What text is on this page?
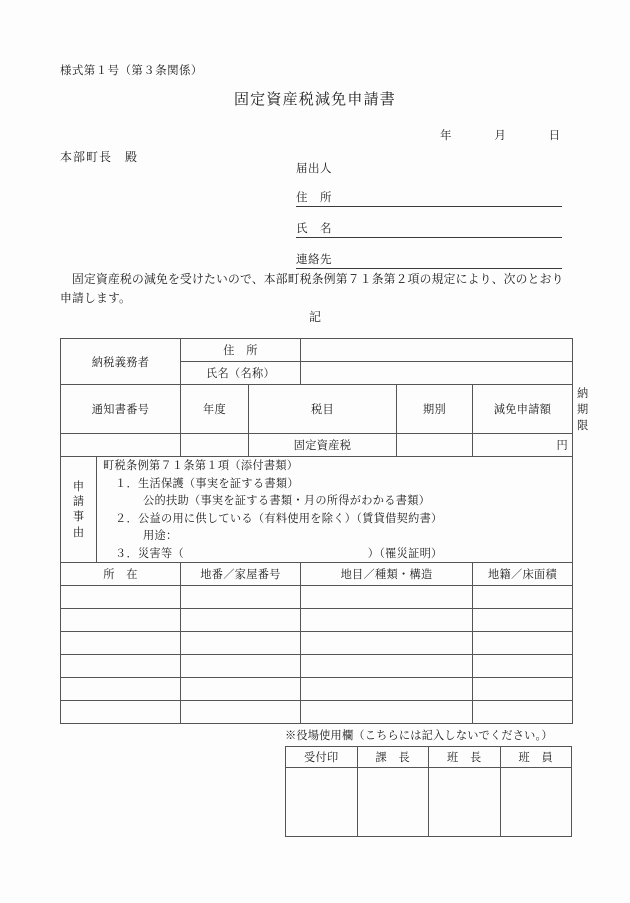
様式第１号（第３条関係）
固定資産税減免申請書
年	月	日
本部町長　殿
届出人
住　所
氏　名
連絡先
固定資産税の減免を受けたいので、本部町税条例第７１条第２項の規定により、次のとおり
申請します。
記
納税義務者		住　所					
		氏名（名称）					
通知書番号		年度	税目		期別	減免申請額	納期限
			固定資産税			円	

申
請
事
由

町税条例第７１条第１項（添付書類）
１．生活保護（事実を証する書類）
公的扶助（事実を証する書類・月の所得がわかる書類）
２．公益の用に供している（有料使用を除く）（賃貸借契約書）
用途：
３．災害等（　　　　　　　　　　　　　　　　）（罹災証明）

所　在		地番／家屋番号		地目／種類・構造		地籍／床面積	

※役場使用欄（こちらには記入しないでください。）
受付印	課　長	班　長	班　員
